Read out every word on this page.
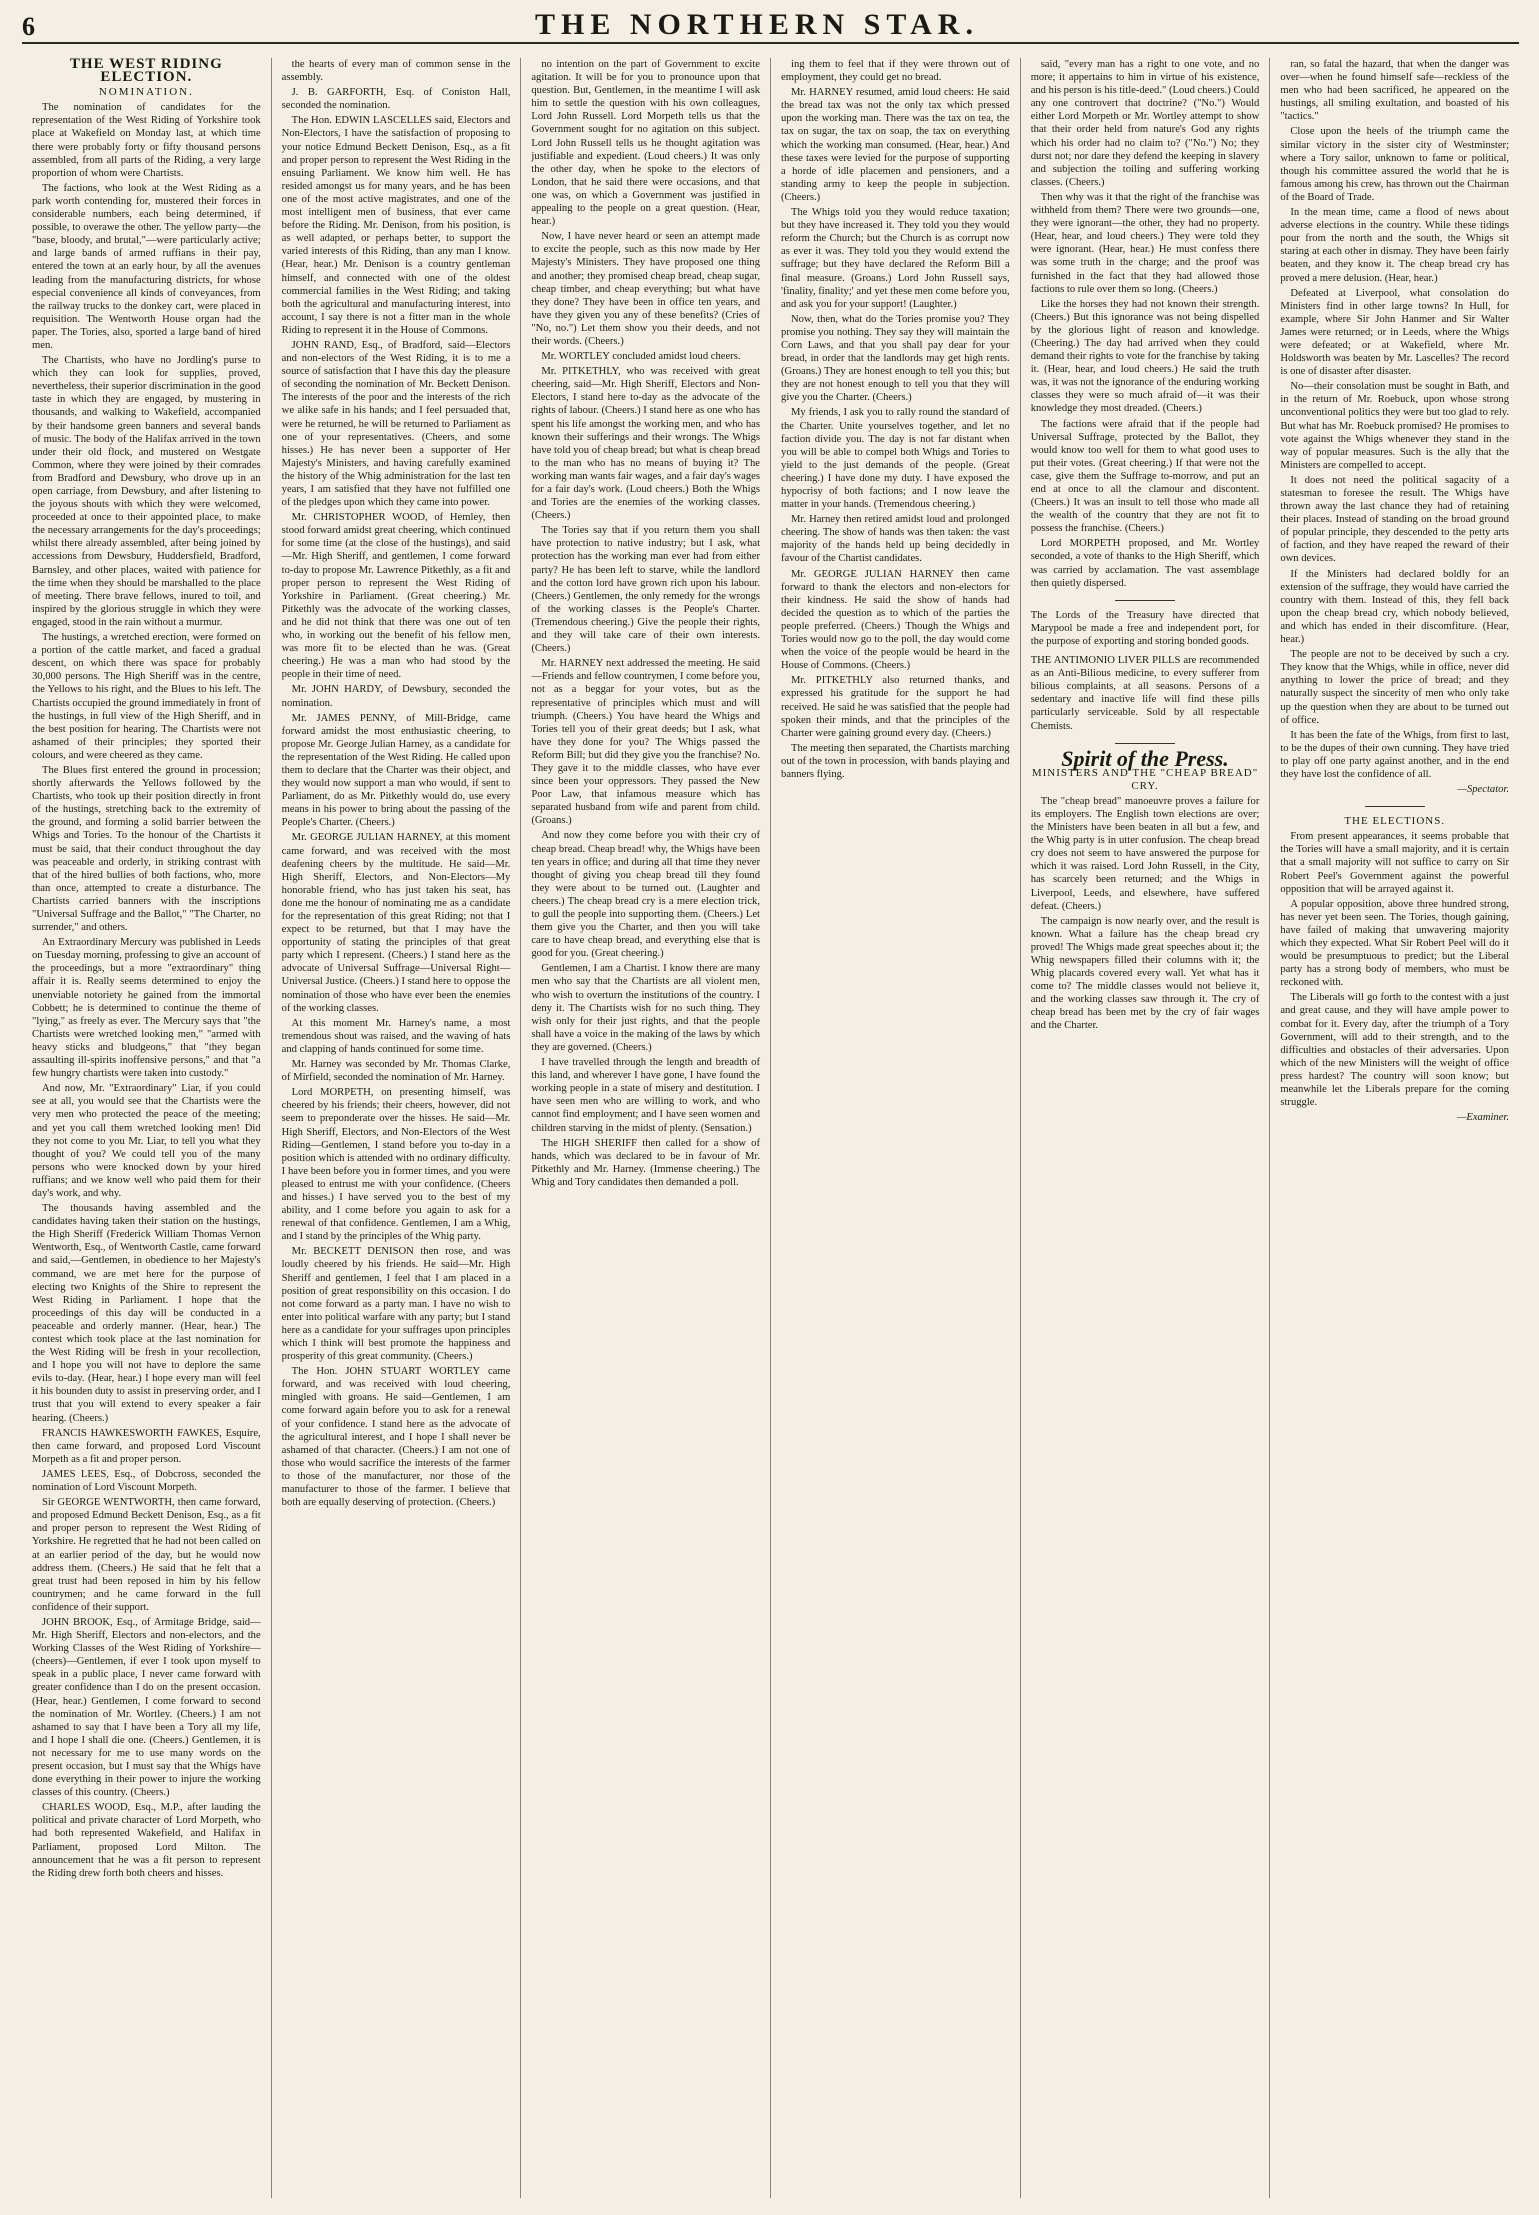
6	THE NORTHERN STAR.

THE WEST RIDING ELECTION.

NOMINATION.

The nomination of candidates for the representation of the West Riding of Yorkshire took place at Wakefield on Monday last, at which time there were probably forty or fifty thousand persons assembled, from all parts of the Riding, a very large proportion of whom were Chartists.

The factions, who look at the West Riding as a park worth contending for, mustered their forces in considerable numbers, each being determined, if possible, to overawe the other. The yellow party—the "base, bloody, and brutal,"—were particularly active; and large bands of armed ruffians in their pay, entered the town at an early hour, by all the avenues leading from the manufacturing districts, for whose especial convenience all kinds of conveyances, from the railway trucks to the donkey cart, were placed in requisition. The Wentworth House organ had the paper. The Tories, also, sported a large band of hired men.

The Chartists, who have no Jordling's purse to which they can look for supplies, proved, nevertheless, their superior discrimination in the good taste in which they are engaged, by mustering in thousands, and walking to Wakefield, accompanied by their handsome green banners and several bands of music. The body of the Halifax arrived in the town under their old flock, and mustered on Westgate Common, where they were joined by their comrades from Bradford and Dewsbury, who drove up in an open carriage, from Dewsbury, and after listening to the joyous shouts with which they were welcomed, proceeded at once to their appointed place, to make the necessary arrangements for the day's proceedings; whilst there already assembled, after being joined by accessions from Dewsbury, Huddersfield, Bradford, Barnsley, and other places, waited with patience for the time when they should be marshalled to the place of meeting. There brave fellows, inured to toil, and inspired by the glorious struggle in which they were engaged, stood in the rain without a murmur.

The hustings, a wretched erection, were formed on a portion of the cattle market, and faced a gradual descent, on which there was space for probably 30,000 persons. The High Sheriff was in the centre, the Yellows to his right, and the Blues to his left. The Chartists occupied the ground immediately in front of the hustings, in full view of the High Sheriff, and in the best position for hearing. The Chartists were not ashamed of their principles; they sported their colours, and were cheered as they came.

The Blues first entered the ground in procession; shortly afterwards the Yellows followed by the Chartists, who took up their position directly in front of the hustings, stretching back to the extremity of the ground, and forming a solid barrier between the Whigs and Tories. To the honour of the Chartists it must be said, that their conduct throughout the day was peaceable and orderly, in striking contrast with that of the hired bullies of both factions, who, more than once, attempted to create a disturbance. The Chartists carried banners with the inscriptions "Universal Suffrage and the Ballot," "The Charter, no surrender," and others.

An Extraordinary Mercury was published in Leeds on Tuesday morning, professing to give an account of the proceedings, but a more "extraordinary" thing affair it is. Really seems determined to enjoy the unenviable notoriety he gained from the immortal Cobbett; he is determined to continue the theme of "lying," as freely as ever. The Mercury says that "the Chartists were wretched looking men," "armed with heavy sticks and bludgeons," that "they began assaulting ill-spirits inoffensive persons," and that "a few hungry chartists were taken into custody."

And now, Mr. "Extraordinary" Liar, if you could see at all, you would see that the Chartists were the very men who protected the peace of the meeting; and yet you call them wretched looking men! Did they not come to you Mr. Liar, to tell you what they thought of you? We could tell you of the many persons who were knocked down by your hired ruffians; and we know well who paid them for their day's work, and why.

The thousands having assembled and the candidates having taken their station on the hustings, the High Sheriff (Frederick William Thomas Vernon Wentworth, Esq., of Wentworth Castle, came forward and said,—Gentlemen, in obedience to her Majesty's command, we are met here for the purpose of electing two Knights of the Shire to represent the West Riding in Parliament. I hope that the proceedings of this day will be conducted in a peaceable and orderly manner. (Hear, hear.) The contest which took place at the last nomination for the West Riding will be fresh in your recollection, and I hope you will not have to deplore the same evils to-day. (Hear, hear.) I hope every man will feel it his bounden duty to assist in preserving order, and I trust that you will extend to every speaker a fair hearing. (Cheers.)

FRANCIS HAWKESWORTH FAWKES, Esquire, then came forward, and proposed Lord Viscount Morpeth as a fit and proper person.

JAMES LEES, Esq., of Dobcross, seconded the nomination of Lord Viscount Morpeth.

Sir GEORGE WENTWORTH, then came forward, and proposed Edmund Beckett Denison, Esq., as a fit and proper person to represent the West Riding of Yorkshire. He regretted that he had not been called on at an earlier period of the day, but he would now address them. (Cheers.) He said that he felt that a great trust had been reposed in him by his fellow countrymen; and he came forward in the full confidence of their support.

JOHN BROOK, Esq., of Armitage Bridge, said—Mr. High Sheriff, Electors and non-electors, and the Working Classes of the West Riding of Yorkshire—(cheers)—Gentlemen, if ever I took upon myself to speak in a public place, I never came forward with greater confidence than I do on the present occasion. (Hear, hear.) Gentlemen, I come forward to second the nomination of Mr. Wortley. (Cheers.) I am not ashamed to say that I have been a Tory all my life, and I hope I shall die one. (Cheers.) Gentlemen, it is not necessary for me to use many words on the present occasion, but I must say that the Whigs have done everything in their power to injure the working classes of this country. (Cheers.)

CHARLES WOOD, Esq., M.P., after lauding the political and private character of Lord Morpeth, who had both represented Wakefield, and Halifax in Parliament, proposed Lord Milton. The announcement that he was a fit person to represent the Riding drew forth both cheers and hisses.

the hearts of every man of common sense in the assembly.

J. B. GARFORTH, Esq. of Coniston Hall, seconded the nomination.

The Hon. EDWIN LASCELLES said, Electors and Non-Electors, I have the satisfaction of proposing to your notice Edmund Beckett Denison, Esq., as a fit and proper person to represent the West Riding in the ensuing Parliament. We know him well. He has resided amongst us for many years, and he has been one of the most active magistrates, and one of the most intelligent men of business, that ever came before the Riding. Mr. Denison, from his position, is as well adapted, or perhaps better, to support the varied interests of this Riding, than any man I know. (Hear, hear.) Mr. Denison is a country gentleman himself, and connected with one of the oldest commercial families in the West Riding; and taking both the agricultural and manufacturing interest, into account, I say there is not a fitter man in the whole Riding to represent it in the House of Commons.

JOHN RAND, Esq., of Bradford, said—Electors and non-electors of the West Riding, it is to me a source of satisfaction that I have this day the pleasure of seconding the nomination of Mr. Beckett Denison. The interests of the poor and the interests of the rich we alike safe in his hands; and I feel persuaded that, were he returned, he will be returned to Parliament as one of your representatives. (Cheers, and some hisses.) He has never been a supporter of Her Majesty's Ministers, and having carefully examined the history of the Whig administration for the last ten years, I am satisfied that they have not fulfilled one of the pledges upon which they came into power.

Mr. CHRISTOPHER WOOD, of Hemley, then stood forward amidst great cheering, which continued for some time (at the close of the hustings), and said—Mr. High Sheriff, and gentlemen, I come forward to-day to propose Mr. Lawrence Pitkethly, as a fit and proper person to represent the West Riding of Yorkshire in Parliament. (Great cheering.) Mr. Pitkethly was the advocate of the working classes, and he did not think that there was one out of ten who, in working out the benefit of his fellow men, was more fit to be elected than he was. (Great cheering.) He was a man who had stood by the people in their time of need.

Mr. JOHN HARDY, of Dewsbury, seconded the nomination.

Mr. JAMES PENNY, of Mill-Bridge, came forward amidst the most enthusiastic cheering, to propose Mr. George Julian Harney, as a candidate for the representation of the West Riding. He called upon them to declare that the Charter was their object, and they would now support a man who would, if sent to Parliament, do as Mr. Pitkethly would do, use every means in his power to bring about the passing of the People's Charter. (Cheers.)

Mr. GEORGE JULIAN HARNEY, at this moment came forward, and was received with the most deafening cheers by the multitude. He said—Mr. High Sheriff, Electors, and Non-Electors—My honorable friend, who has just taken his seat, has done me the honour of nominating me as a candidate for the representation of this great Riding; not that I expect to be returned, but that I may have the opportunity of stating the principles of that great party which I represent. (Cheers.) I stand here as the advocate of Universal Suffrage—Universal Right—Universal Justice. (Cheers.) I stand here to oppose the nomination of those who have ever been the enemies of the working classes.

At this moment Mr. Harney's name, a most tremendous shout was raised, and the waving of hats and clapping of hands continued for some time.

Mr. Harney was seconded by Mr. Thomas Clarke, of Mirfield, seconded the nomination of Mr. Harney.

Lord MORPETH, on presenting himself, was cheered by his friends; their cheers, however, did not seem to preponderate over the hisses. He said—Mr. High Sheriff, Electors, and Non-Electors of the West Riding—Gentlemen, I stand before you to-day in a position which is attended with no ordinary difficulty. I have been before you in former times, and you were pleased to entrust me with your confidence. (Cheers and hisses.) I have served you to the best of my ability, and I come before you again to ask for a renewal of that confidence. Gentlemen, I am a Whig, and I stand by the principles of the Whig party.

Mr. BECKETT DENISON then rose, and was loudly cheered by his friends. He said—Mr. High Sheriff and gentlemen, I feel that I am placed in a position of great responsibility on this occasion. I do not come forward as a party man. I have no wish to enter into political warfare with any party; but I stand here as a candidate for your suffrages upon principles which I think will best promote the happiness and prosperity of this great community. (Cheers.)

The Hon. JOHN STUART WORTLEY came forward, and was received with loud cheering, mingled with groans. He said—Gentlemen, I am come forward again before you to ask for a renewal of your confidence. I stand here as the advocate of the agricultural interest, and I hope I shall never be ashamed of that character. (Cheers.) I am not one of those who would sacrifice the interests of the farmer to those of the manufacturer, nor those of the manufacturer to those of the farmer. I believe that both are equally deserving of protection. (Cheers.)

no intention on the part of Government to excite agitation. It will be for you to pronounce upon that question. But, Gentlemen, in the meantime I will ask him to settle the question with his own colleagues, Lord John Russell. Lord Morpeth tells us that the Government sought for no agitation on this subject. Lord John Russell tells us he thought agitation was justifiable and expedient. (Loud cheers.) It was only the other day, when he spoke to the electors of London, that he said there were occasions, and that one was, on which a Government was justified in appealing to the people on a great question. (Hear, hear.)

Now, I have never heard or seen an attempt made to excite the people, such as this now made by Her Majesty's Ministers. They have proposed one thing and another; they promised cheap bread, cheap sugar, cheap timber, and cheap everything; but what have they done? They have been in office ten years, and have they given you any of these benefits? (Cries of "No, no.") Let them show you their deeds, and not their words. (Cheers.)

Mr. WORTLEY concluded amidst loud cheers.

Mr. PITKETHLY, who was received with great cheering, said—Mr. High Sheriff, Electors and Non-Electors, I stand here to-day as the advocate of the rights of labour. (Cheers.) I stand here as one who has spent his life amongst the working men, and who has known their sufferings and their wrongs. The Whigs have told you of cheap bread; but what is cheap bread to the man who has no means of buying it? The working man wants fair wages, and a fair day's wages for a fair day's work. (Loud cheers.) Both the Whigs and Tories are the enemies of the working classes. (Cheers.)

The Tories say that if you return them you shall have protection to native industry; but I ask, what protection has the working man ever had from either party? He has been left to starve, while the landlord and the cotton lord have grown rich upon his labour. (Cheers.) Gentlemen, the only remedy for the wrongs of the working classes is the People's Charter. (Tremendous cheering.) Give the people their rights, and they will take care of their own interests. (Cheers.)

Mr. HARNEY next addressed the meeting. He said—Friends and fellow countrymen, I come before you, not as a beggar for your votes, but as the representative of principles which must and will triumph. (Cheers.) You have heard the Whigs and Tories tell you of their great deeds; but I ask, what have they done for you? The Whigs passed the Reform Bill; but did they give you the franchise? No. They gave it to the middle classes, who have ever since been your oppressors. They passed the New Poor Law, that infamous measure which has separated husband from wife and parent from child. (Groans.)

And now they come before you with their cry of cheap bread. Cheap bread! why, the Whigs have been ten years in office; and during all that time they never thought of giving you cheap bread till they found they were about to be turned out. (Laughter and cheers.) The cheap bread cry is a mere election trick, to gull the people into supporting them. (Cheers.) Let them give you the Charter, and then you will take care to have cheap bread, and everything else that is good for you. (Great cheering.)

Gentlemen, I am a Chartist. I know there are many men who say that the Chartists are all violent men, who wish to overturn the institutions of the country. I deny it. The Chartists wish for no such thing. They wish only for their just rights, and that the people shall have a voice in the making of the laws by which they are governed. (Cheers.)

I have travelled through the length and breadth of this land, and wherever I have gone, I have found the working people in a state of misery and destitution. I have seen men who are willing to work, and who cannot find employment; and I have seen women and children starving in the midst of plenty. (Sensation.)

The HIGH SHERIFF then called for a show of hands, which was declared to be in favour of Mr. Pitkethly and Mr. Harney. (Immense cheering.) The Whig and Tory candidates then demanded a poll.

ing them to feel that if they were thrown out of employment, they could get no bread.

Mr. HARNEY resumed, amid loud cheers: He said the bread tax was not the only tax which pressed upon the working man. There was the tax on tea, the tax on sugar, the tax on soap, the tax on everything which the working man consumed. (Hear, hear.) And these taxes were levied for the purpose of supporting a horde of idle placemen and pensioners, and a standing army to keep the people in subjection. (Cheers.)

The Whigs told you they would reduce taxation; but they have increased it. They told you they would reform the Church; but the Church is as corrupt now as ever it was. They told you they would extend the suffrage; but they have declared the Reform Bill a final measure. (Groans.) Lord John Russell says, 'finality, finality;' and yet these men come before you, and ask you for your support! (Laughter.)

Now, then, what do the Tories promise you? They promise you nothing. They say they will maintain the Corn Laws, and that you shall pay dear for your bread, in order that the landlords may get high rents. (Groans.) They are honest enough to tell you this; but they are not honest enough to tell you that they will give you the Charter. (Cheers.)

My friends, I ask you to rally round the standard of the Charter. Unite yourselves together, and let no faction divide you. The day is not far distant when you will be able to compel both Whigs and Tories to yield to the just demands of the people. (Great cheering.) I have done my duty. I have exposed the hypocrisy of both factions; and I now leave the matter in your hands. (Tremendous cheering.)

Mr. Harney then retired amidst loud and prolonged cheering. The show of hands was then taken: the vast majority of the hands held up being decidedly in favour of the Chartist candidates.

Mr. GEORGE JULIAN HARNEY then came forward to thank the electors and non-electors for their kindness. He said the show of hands had decided the question as to which of the parties the people preferred. (Cheers.) Though the Whigs and Tories would now go to the poll, the day would come when the voice of the people would be heard in the House of Commons. (Cheers.)

Mr. PITKETHLY also returned thanks, and expressed his gratitude for the support he had received. He said he was satisfied that the people had spoken their minds, and that the principles of the Charter were gaining ground every day. (Cheers.)

The meeting then separated, the Chartists marching out of the town in procession, with bands playing and banners flying.

said, "every man has a right to one vote, and no more; it appertains to him in virtue of his existence, and his person is his title-deed." (Loud cheers.) Could any one controvert that doctrine? ("No.") Would either Lord Morpeth or Mr. Wortley attempt to show that their order held from nature's God any rights which his order had no claim to? ("No.") No; they durst not; nor dare they defend the keeping in slavery and subjection the toiling and suffering working classes. (Cheers.)

Then why was it that the right of the franchise was withheld from them? There were two grounds—one, they were ignorant—the other, they had no property. (Hear, hear, and loud cheers.) They were told they were ignorant. (Hear, hear.) He must confess there was some truth in the charge; and the proof was furnished in the fact that they had allowed those factions to rule over them so long. (Cheers.)

Like the horses they had not known their strength. (Cheers.) But this ignorance was not being dispelled by the glorious light of reason and knowledge. (Cheering.) The day had arrived when they could demand their rights to vote for the franchise by taking it. (Hear, hear, and loud cheers.) He said the truth was, it was not the ignorance of the enduring working classes they were so much afraid of—it was their knowledge they most dreaded. (Cheers.)

The factions were afraid that if the people had Universal Suffrage, protected by the Ballot, they would know too well for them to what good uses to put their votes. (Great cheering.) If that were not the case, give them the Suffrage to-morrow, and put an end at once to all the clamour and discontent. (Cheers.) It was an insult to tell those who made all the wealth of the country that they are not fit to possess the franchise. (Cheers.)

Lord MORPETH proposed, and Mr. Wortley seconded, a vote of thanks to the High Sheriff, which was carried by acclamation. The vast assemblage then quietly dispersed.

The Lords of the Treasury have directed that Marypool be made a free and independent port, for the purpose of exporting and storing bonded goods.

THE ANTIMONIO LIVER PILLS are recommended as an Anti-Bilious medicine, to every sufferer from bilious complaints, at all seasons. Persons of a sedentary and inactive life will find these pills particularly serviceable. Sold by all respectable Chemists.

Spirit of the Press.

MINISTERS AND THE "CHEAP BREAD" CRY.

The "cheap bread" manoeuvre proves a failure for its employers. The English town elections are over; the Ministers have been beaten in all but a few, and the Whig party is in utter confusion. The cheap bread cry does not seem to have answered the purpose for which it was raised. Lord John Russell, in the City, has scarcely been returned; and the Whigs in Liverpool, Leeds, and elsewhere, have suffered defeat. (Cheers.)

The campaign is now nearly over, and the result is known. What a failure has the cheap bread cry proved! The Whigs made great speeches about it; the Whig newspapers filled their columns with it; the Whig placards covered every wall. Yet what has it come to? The middle classes would not believe it, and the working classes saw through it. The cry of cheap bread has been met by the cry of fair wages and the Charter.

ran, so fatal the hazard, that when the danger was over—when he found himself safe—reckless of the men who had been sacrificed, he appeared on the hustings, all smiling exultation, and boasted of his "tactics."

Close upon the heels of the triumph came the similar victory in the sister city of Westminster; where a Tory sailor, unknown to fame or political, though his committee assured the world that he is famous among his crew, has thrown out the Chairman of the Board of Trade.

In the mean time, came a flood of news about adverse elections in the country. While these tidings pour from the north and the south, the Whigs sit staring at each other in dismay. They have been fairly beaten, and they know it. The cheap bread cry has proved a mere delusion. (Hear, hear.)

Defeated at Liverpool, what consolation do Ministers find in other large towns? In Hull, for example, where Sir John Hanmer and Sir Walter James were returned; or in Leeds, where the Whigs were defeated; or at Wakefield, where Mr. Holdsworth was beaten by Mr. Lascelles? The record is one of disaster after disaster.

No—their consolation must be sought in Bath, and in the return of Mr. Roebuck, upon whose strong unconventional politics they were but too glad to rely. But what has Mr. Roebuck promised? He promises to vote against the Whigs whenever they stand in the way of popular measures. Such is the ally that the Ministers are compelled to accept.

It does not need the political sagacity of a statesman to foresee the result. The Whigs have thrown away the last chance they had of retaining their places. Instead of standing on the broad ground of popular principle, they descended to the petty arts of faction, and they have reaped the reward of their own devices.

If the Ministers had declared boldly for an extension of the suffrage, they would have carried the country with them. Instead of this, they fell back upon the cheap bread cry, which nobody believed, and which has ended in their discomfiture. (Hear, hear.)

The people are not to be deceived by such a cry. They know that the Whigs, while in office, never did anything to lower the price of bread; and they naturally suspect the sincerity of men who only take up the question when they are about to be turned out of office.

It has been the fate of the Whigs, from first to last, to be the dupes of their own cunning. They have tried to play off one party against another, and in the end they have lost the confidence of all.

—Spectator.

THE ELECTIONS.

From present appearances, it seems probable that the Tories will have a small majority, and it is certain that a small majority will not suffice to carry on Sir Robert Peel's Government against the powerful opposition that will be arrayed against it.

A popular opposition, above three hundred strong, has never yet been seen. The Tories, though gaining, have failed of making that unwavering majority which they expected. What Sir Robert Peel will do it would be presumptuous to predict; but the Liberal party has a strong body of members, who must be reckoned with.

The Liberals will go forth to the contest with a just and great cause, and they will have ample power to combat for it. Every day, after the triumph of a Tory Government, will add to their strength, and to the difficulties and obstacles of their adversaries. Upon which of the new Ministers will the weight of office press hardest? The country will soon know; but meanwhile let the Liberals prepare for the coming struggle.

—Examiner.
